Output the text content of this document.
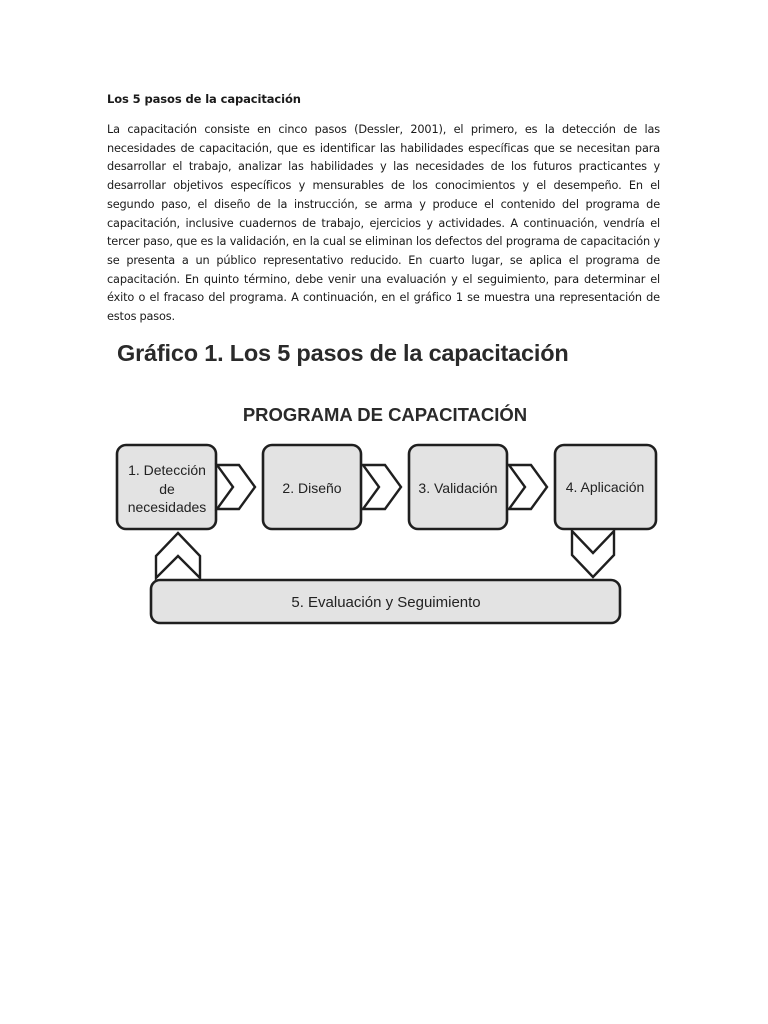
Los 5 pasos de la capacitación
La capacitación consiste en cinco pasos (Dessler, 2001), el primero, es la detección de las necesidades de capacitación, que es identificar las habilidades específicas que se necesitan para desarrollar el trabajo, analizar las habilidades y las necesidades de los futuros practicantes y desarrollar objetivos específicos y mensurables de los conocimientos y el desempeño. En el segundo paso, el diseño de la instrucción, se arma y produce el contenido del programa de capacitación, inclusive cuadernos de trabajo, ejercicios y actividades. A continuación, vendría el tercer paso, que es la validación, en la cual se eliminan los defectos del programa de capacitación y se presenta a un público representativo reducido. En cuarto lugar, se aplica el programa de capacitación. En quinto término, debe venir una evaluación y el seguimiento, para determinar el éxito o el fracaso del programa. A continuación, en el gráfico 1 se muestra una representación de estos pasos.
Gráfico 1. Los 5 pasos de la capacitación
PROGRAMA DE CAPACITACIÓN
1. Detección
de
necesidades
2. Diseño	3. Validación	4. Aplicación
5. Evaluación y Seguimiento
